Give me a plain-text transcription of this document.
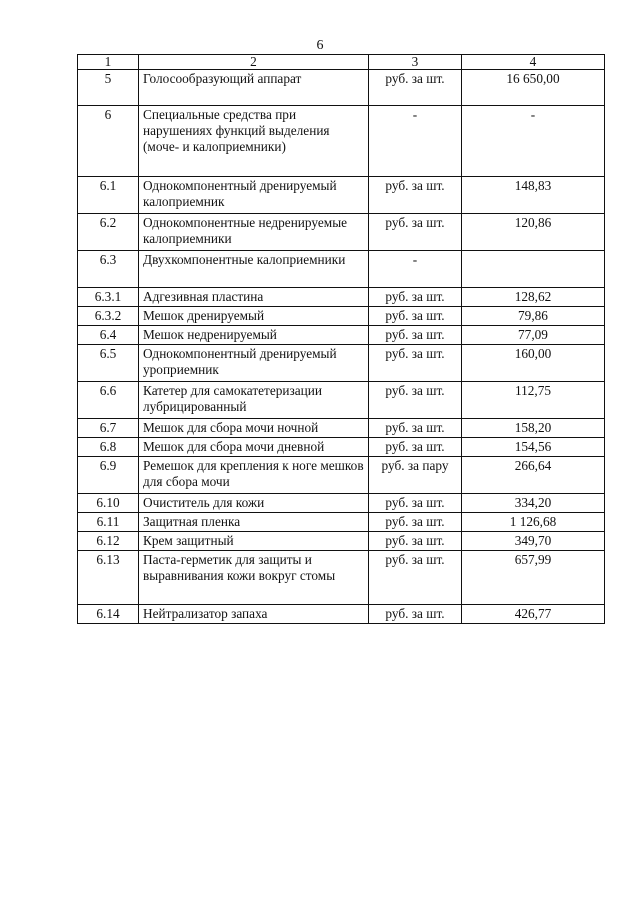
6
1	2	3	4
5	Голосообразующий аппарат	руб. за шт.	16 650,00
6	Специальные средства при нарушениях функций выделения (моче- и калоприемники)	-	-
6.1	Однокомпонентный дренируемый калоприемник	руб. за шт.	148,83
6.2	Однокомпонентные недренируемые калоприемники	руб. за шт.	120,86
6.3	Двухкомпонентные калоприемники	-	
6.3.1	Адгезивная пластина	руб. за шт.	128,62
6.3.2	Мешок дренируемый	руб. за шт.	79,86
6.4	Мешок недренируемый	руб. за шт.	77,09
6.5	Однокомпонентный дренируемый уроприемник	руб. за шт.	160,00
6.6	Катетер для самокатетеризации лубрицированный	руб. за шт.	112,75
6.7	Мешок для сбора мочи ночной	руб. за шт.	158,20
6.8	Мешок для сбора мочи дневной	руб. за шт.	154,56
6.9	Ремешок для крепления к ноге мешков для сбора мочи	руб. за пару	266,64
6.10	Очиститель для кожи	руб. за шт.	334,20
6.11	Защитная пленка	руб. за шт.	1 126,68
6.12	Крем защитный	руб. за шт.	349,70
6.13	Паста-герметик для защиты и выравнивания кожи вокруг стомы	руб. за шт.	657,99
6.14	Нейтрализатор запаха	руб. за шт.	426,77
